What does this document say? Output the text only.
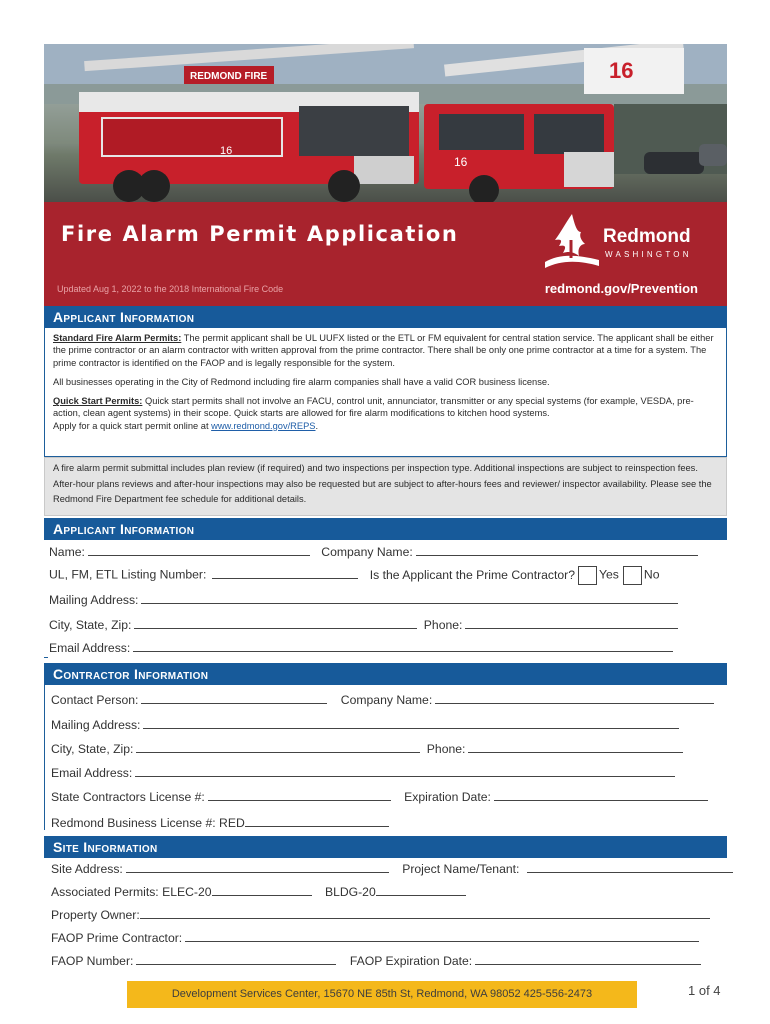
REDMOND FIRE
16
16
16
Fire Alarm Permit Application
Updated Aug 1, 2022 to the 2018 International Fire Code	redmond.gov/Prevention
Redmond
WASHINGTON
Applicant Information

Standard Fire Alarm Permits: The permit applicant shall be UL UUFX listed or the ETL or FM equivalent for central station service. The applicant shall be either the prime contractor or an alarm contractor with written approval from the prime contractor. There shall be only one prime contractor at a time for a system. The prime contractor is identified on the FAOP and is legally responsible for the system.

All businesses operating in the City of Redmond including fire alarm companies shall have a valid COR business license.

Quick Start Permits: Quick start permits shall not involve an FACU, control unit, annunciator, transmitter or any special systems (for example, VESDA, pre-action, clean agent systems) in their scope. Quick starts are allowed for fire alarm modifications to kitchen hood systems.
Apply for a quick start permit online at www.redmond.gov/REPS.

A fire alarm permit submittal includes plan review (if required) and two inspections per inspection type. Additional inspections are subject to reinspection fees. After-hour plans reviews and after-hour inspections may also be requested but are subject to after-hours fees and reviewer/ inspector availability. Please see the Redmond Fire Department fee schedule for additional details.
Applicant Information
Name:	Company Name:
UL, FM, ETL Listing Number:	Is the Applicant the Prime Contractor? Yes No
Mailing Address:
City, State, Zip:	Phone:
Email Address:
Contractor Information
Contact Person:	Company Name:
Mailing Address:
City, State, Zip:	Phone:
Email Address:
State Contractors License #:	Expiration Date:
Redmond Business License #: RED
Site Information
Site Address:	Project Name/Tenant:
Associated Permits: ELEC-20	BLDG-20
Property Owner:
FAOP Prime Contractor:
FAOP Number:	FAOP Expiration Date:
Development Services Center, 15670 NE 85th St, Redmond, WA 98052 425-556-2473	1 of 4
